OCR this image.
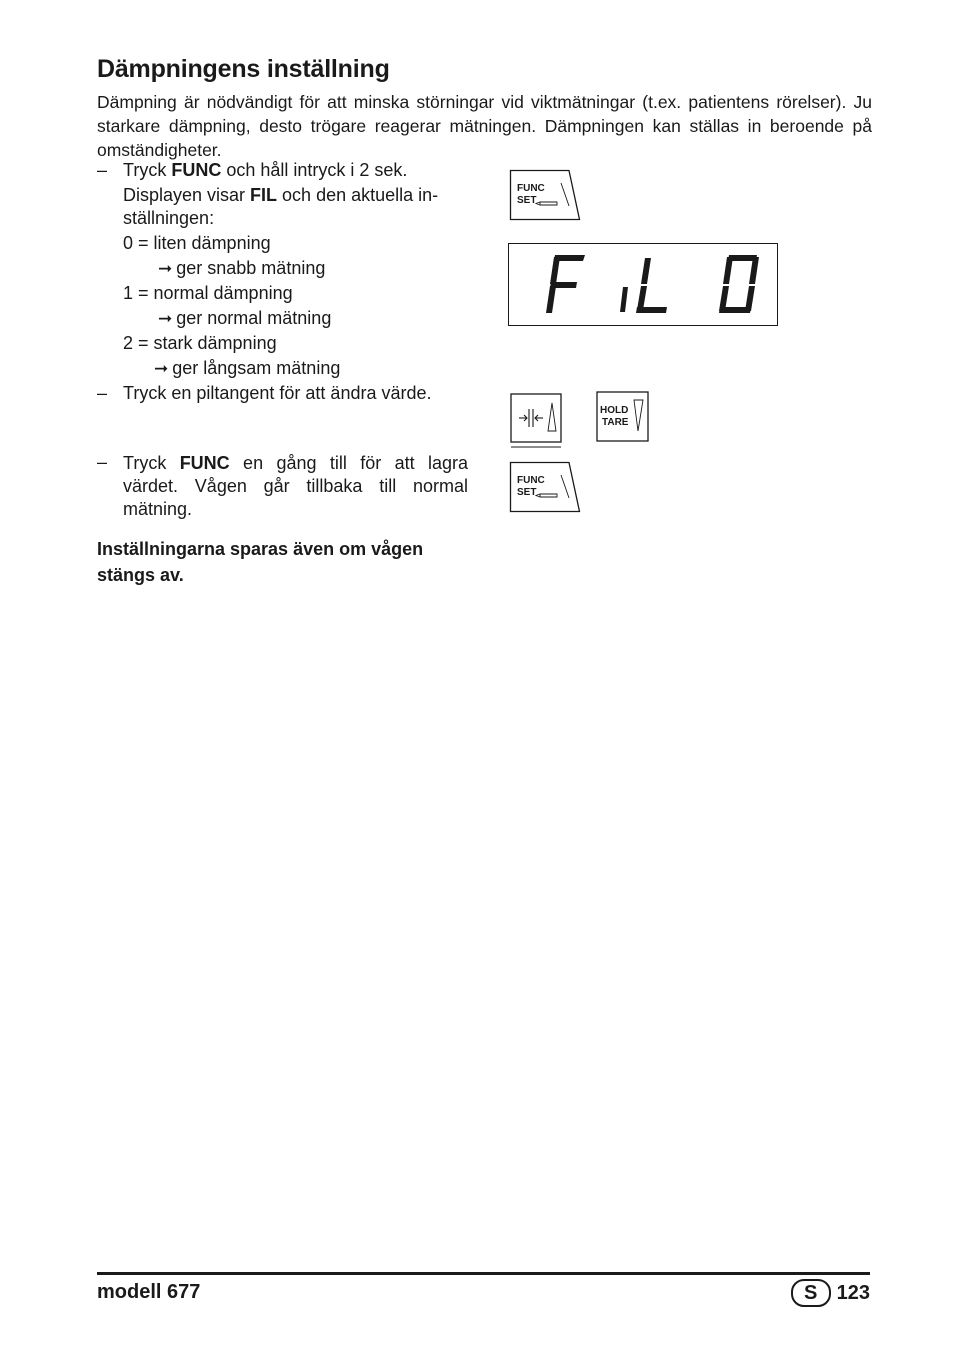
Dämpningens inställning

Dämpning är nödvändigt för att minska störningar vid viktmätningar (t.ex. patientens rörelser). Ju starkare dämpning, desto trögare reagerar mätningen. Dämpningen kan ställas in beroende på omständigheter.

– Tryck FUNC och håll intryck i 2 sek.
Displayen visar FIL och den aktuella in-
ställningen:
0 = liten dämpning
➞ ger snabb mätning
1 = normal dämpning
➞ ger normal mätning
2 = stark dämpning
➞ ger långsam mätning
– Tryck en piltangent för att ändra värde.
– Tryck FUNC en gång till för att lagra värdet. Vågen går tillbaka till normal mätning.

Inställningarna sparas även om vågen stängs av.

FUNC
SET
HOLD
TARE
FUNC
SET
modell 677	S 123
